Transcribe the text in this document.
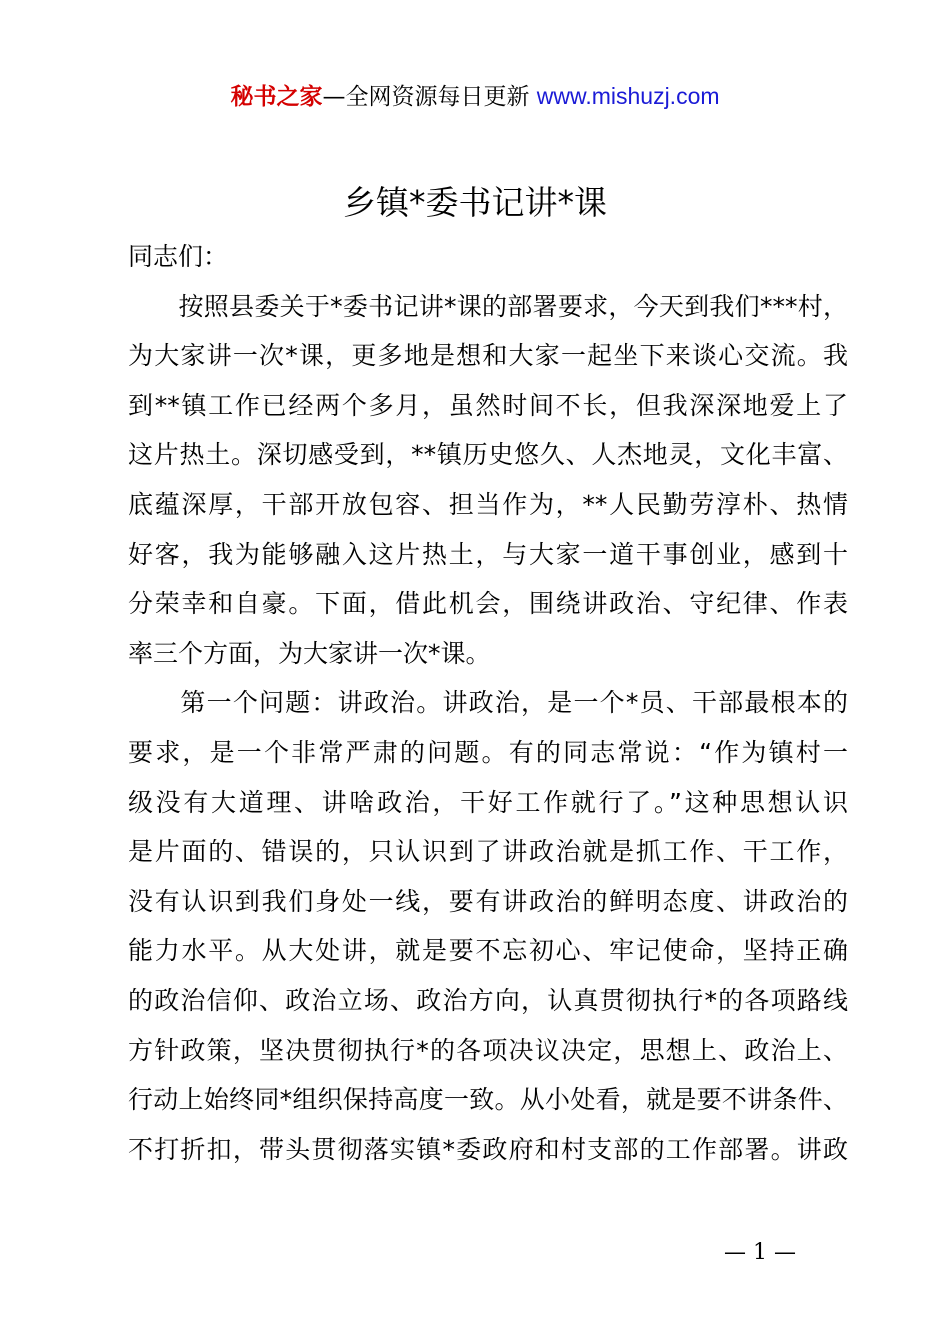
秘书之家—全网资源每日更新 www.mishuzj.com
乡镇*委书记讲*课
同志们：
　　按照县委关于*委书记讲*课的部署要求，今天到我们***村，
为大家讲一次*课，更多地是想和大家一起坐下来谈心交流。我
到**镇工作已经两个多月，虽然时间不长，但我深深地爱上了
这片热土。深切感受到，**镇历史悠久、人杰地灵，文化丰富、
底蕴深厚，干部开放包容、担当作为，**人民勤劳淳朴、热情
好客，我为能够融入这片热土，与大家一道干事创业，感到十
分荣幸和自豪。下面，借此机会，围绕讲政治、守纪律、作表
率三个方面，为大家讲一次*课。
　　第一个问题：讲政治。讲政治，是一个*员、干部最根本的
要求，是一个非常严肃的问题。有的同志常说：“作为镇村一
级没有大道理、讲啥政治，干好工作就行了。”这种思想认识
是片面的、错误的，只认识到了讲政治就是抓工作、干工作，
没有认识到我们身处一线，要有讲政治的鲜明态度、讲政治的
能力水平。从大处讲，就是要不忘初心、牢记使命，坚持正确
的政治信仰、政治立场、政治方向，认真贯彻执行*的各项路线
方针政策，坚决贯彻执行*的各项决议决定，思想上、政治上、
行动上始终同*组织保持高度一致。从小处看，就是要不讲条件、
不打折扣，带头贯彻落实镇*委政府和村支部的工作部署。讲政
— 1 —
